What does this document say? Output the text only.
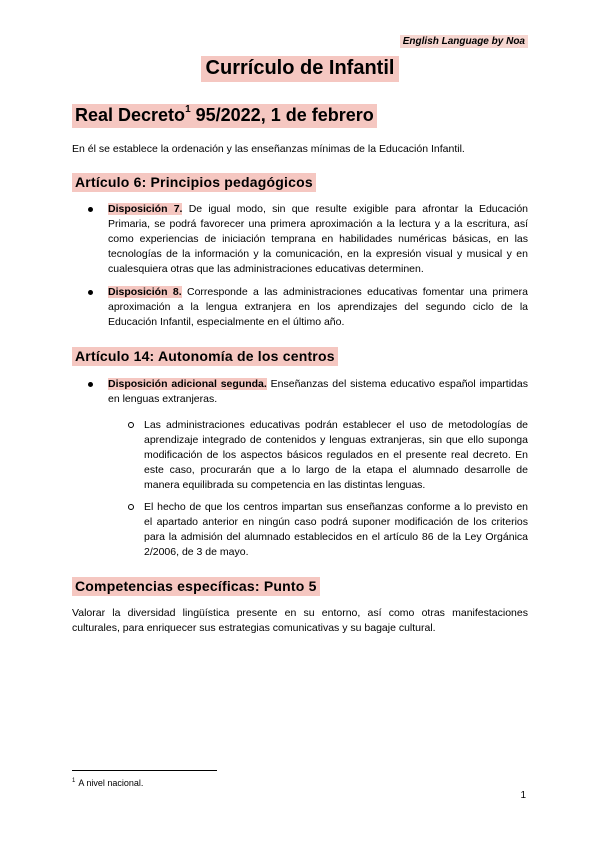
English Language by Noa
Currículo de Infantil
Real Decreto$^1$ 95/2022, 1 de febrero
En él se establece la ordenación y las enseñanzas mínimas de la Educación Infantil.
Artículo 6: Principios pedagógicos
Disposición 7. De igual modo, sin que resulte exigible para afrontar la Educación Primaria, se podrá favorecer una primera aproximación a la lectura y a la escritura, así como experiencias de iniciación temprana en habilidades numéricas básicas, en las tecnologías de la información y la comunicación, en la expresión visual y musical y en cualesquiera otras que las administraciones educativas determinen.
Disposición 8. Corresponde a las administraciones educativas fomentar una primera aproximación a la lengua extranjera en los aprendizajes del segundo ciclo de la Educación Infantil, especialmente en el último año.
Artículo 14: Autonomía de los centros
Disposición adicional segunda. Enseñanzas del sistema educativo español impartidas en lenguas extranjeras.
Las administraciones educativas podrán establecer el uso de metodologías de aprendizaje integrado de contenidos y lenguas extranjeras, sin que ello suponga modificación de los aspectos básicos regulados en el presente real decreto. En este caso, procurarán que a lo largo de la etapa el alumnado desarrolle de manera equilibrada su competencia en las distintas lenguas.
El hecho de que los centros impartan sus enseñanzas conforme a lo previsto en el apartado anterior en ningún caso podrá suponer modificación de los criterios para la admisión del alumnado establecidos en el artículo 86 de la Ley Orgánica 2/2006, de 3 de mayo.
Competencias específicas: Punto 5
Valorar la diversidad lingüística presente en su entorno, así como otras manifestaciones culturales, para enriquecer sus estrategias comunicativas y su bagaje cultural.
$^1$ A nivel nacional.
1
